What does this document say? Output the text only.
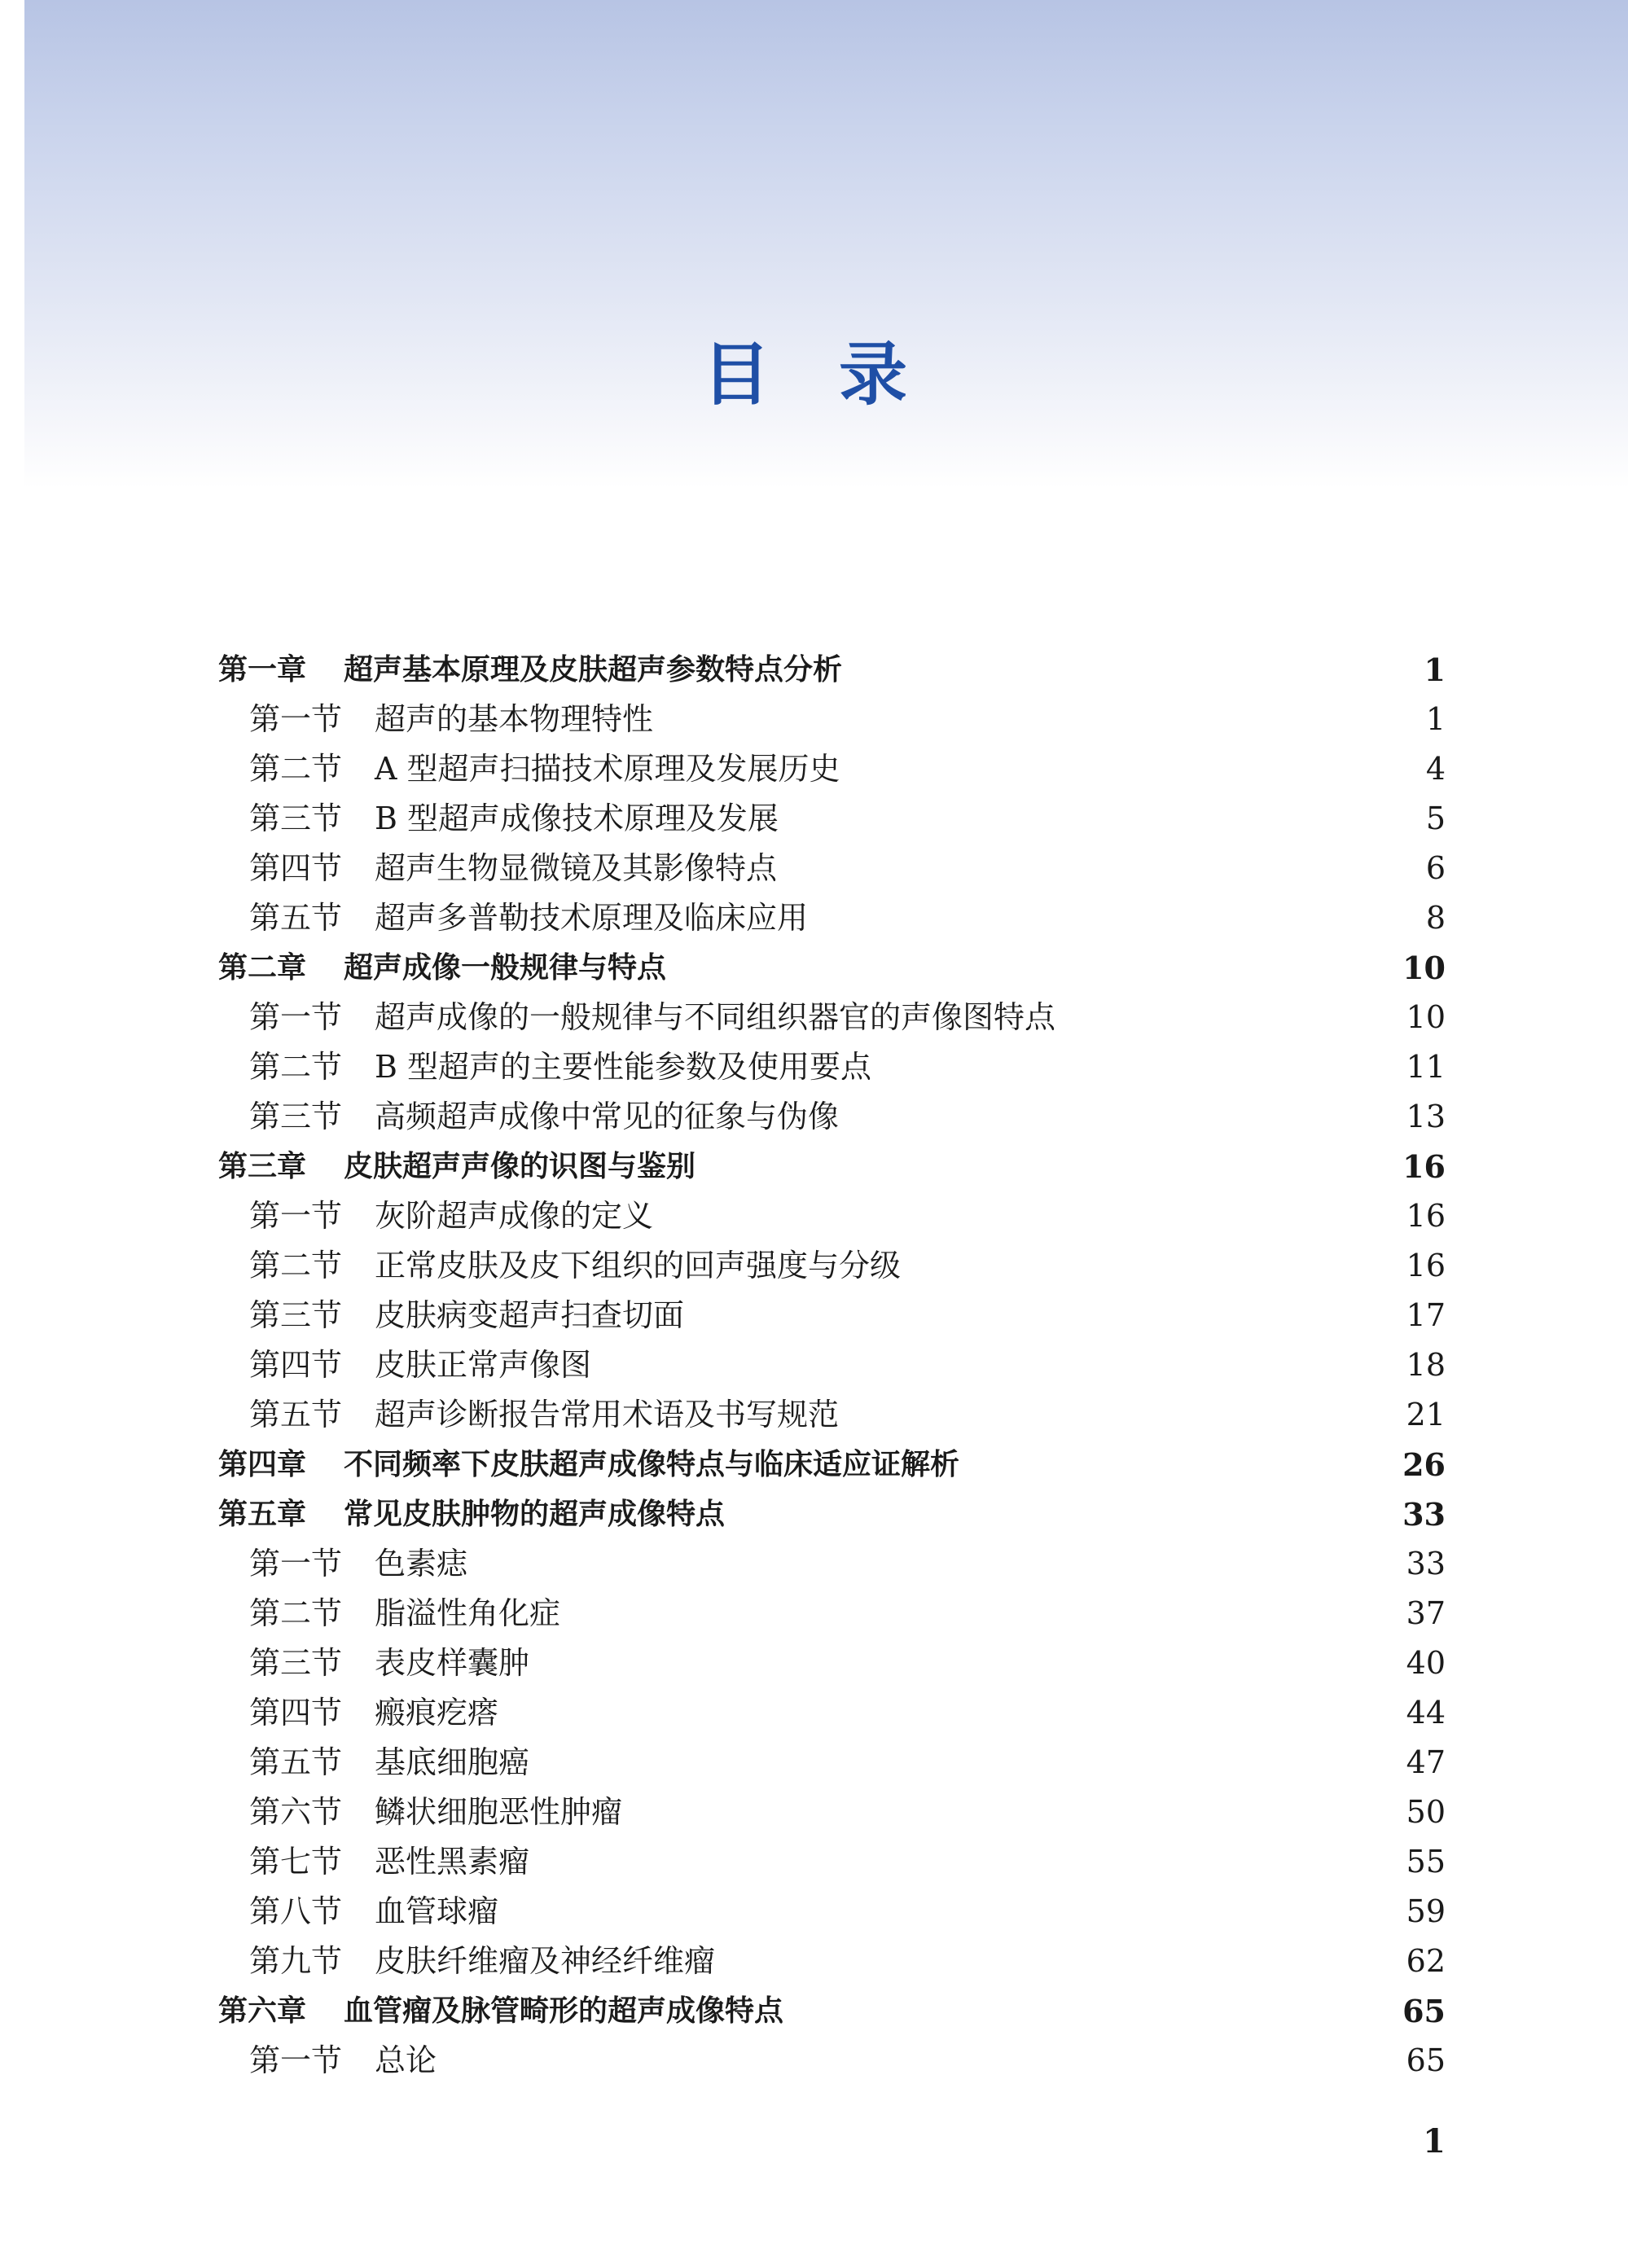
目录
第一章 超声基本原理及皮肤超声参数特点分析	1
第一节 超声的基本物理特性	1
第二节 A 型超声扫描技术原理及发展历史	4
第三节 B 型超声成像技术原理及发展	5
第四节 超声生物显微镜及其影像特点	6
第五节 超声多普勒技术原理及临床应用	8
第二章 超声成像一般规律与特点	10
第一节 超声成像的一般规律与不同组织器官的声像图特点	10
第二节 B 型超声的主要性能参数及使用要点	11
第三节 高频超声成像中常见的征象与伪像	13
第三章 皮肤超声声像的识图与鉴别	16
第一节 灰阶超声成像的定义	16
第二节 正常皮肤及皮下组织的回声强度与分级	16
第三节 皮肤病变超声扫查切面	17
第四节 皮肤正常声像图	18
第五节 超声诊断报告常用术语及书写规范	21
第四章 不同频率下皮肤超声成像特点与临床适应证解析	26
第五章 常见皮肤肿物的超声成像特点	33
第一节 色素痣	33
第二节 脂溢性角化症	37
第三节 表皮样囊肿	40
第四节 瘢痕疙瘩	44
第五节 基底细胞癌	47
第六节 鳞状细胞恶性肿瘤	50
第七节 恶性黑素瘤	55
第八节 血管球瘤	59
第九节 皮肤纤维瘤及神经纤维瘤	62
第六章 血管瘤及脉管畸形的超声成像特点	65
第一节 总论	65
1
